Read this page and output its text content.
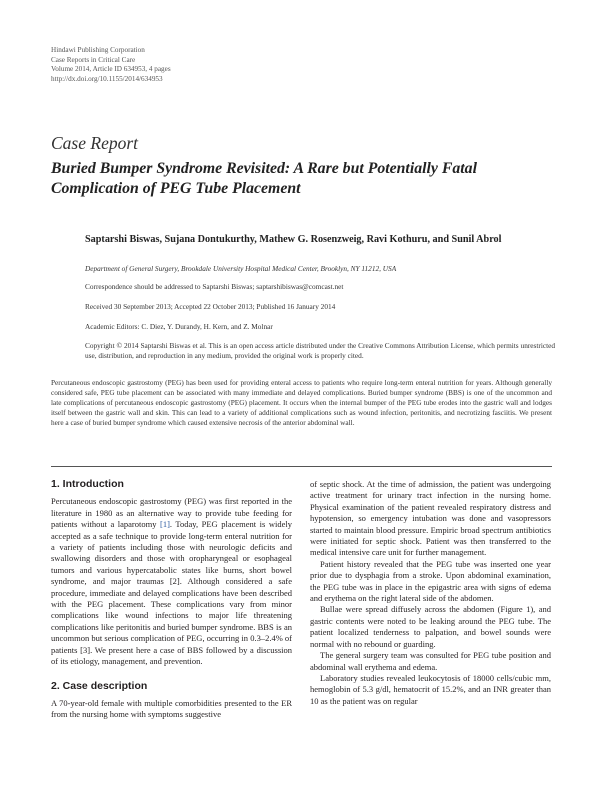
Hindawi Publishing Corporation
Case Reports in Critical Care
Volume 2014, Article ID 634953, 4 pages
http://dx.doi.org/10.1155/2014/634953
Case Report
Buried Bumper Syndrome Revisited: A Rare but Potentially Fatal Complication of PEG Tube Placement
Saptarshi Biswas, Sujana Dontukurthy, Mathew G. Rosenzweig, Ravi Kothuru, and Sunil Abrol
Department of General Surgery, Brookdale University Hospital Medical Center, Brooklyn, NY 11212, USA
Correspondence should be addressed to Saptarshi Biswas; saptarshibiswas@comcast.net
Received 30 September 2013; Accepted 22 October 2013; Published 16 January 2014
Academic Editors: C. Diez, Y. Durandy, H. Kern, and Z. Molnar
Copyright © 2014 Saptarshi Biswas et al. This is an open access article distributed under the Creative Commons Attribution License, which permits unrestricted use, distribution, and reproduction in any medium, provided the original work is properly cited.
Percutaneous endoscopic gastrostomy (PEG) has been used for providing enteral access to patients who require long-term enteral nutrition for years. Although generally considered safe, PEG tube placement can be associated with many immediate and delayed complications. Buried bumper syndrome (BBS) is one of the uncommon and late complications of percutaneous endoscopic gastrostomy (PEG) placement. It occurs when the internal bumper of the PEG tube erodes into the gastric wall and lodges itself between the gastric wall and skin. This can lead to a variety of additional complications such as wound infection, peritonitis, and necrotizing fasciitis. We present here a case of buried bumper syndrome which caused extensive necrosis of the anterior abdominal wall.
1. Introduction

Percutaneous endoscopic gastrostomy (PEG) was first reported in the literature in 1980 as an alternative way to provide tube feeding for patients without a laparotomy [1]. Today, PEG placement is widely accepted as a safe technique to provide long-term enteral nutrition for a variety of patients including those with neurologic deficits and swallowing disorders and those with oropharyngeal or esophageal tumors and various hypercatabolic states like burns, short bowel syndrome, and major traumas [2]. Although considered a safe procedure, immediate and delayed complications have been described with the PEG placement. These complications vary from minor complications like wound infections to major life threatening complications like peritonitis and buried bumper syndrome. BBS is an uncommon but serious complication of PEG, occurring in 0.3–2.4% of patients [3]. We present here a case of BBS followed by a discussion of its etiology, management, and prevention.

2. Case description

A 70-year-old female with multiple comorbidities presented to the ER from the nursing home with symptoms suggestive

of septic shock. At the time of admission, the patient was undergoing active treatment for urinary tract infection in the nursing home. Physical examination of the patient revealed respiratory distress and hypotension, so emergency intubation was done and vasopressors started to maintain blood pressure. Empiric broad spectrum antibiotics were initiated for septic shock. Patient was then transferred to the medical intensive care unit for further management.

Patient history revealed that the PEG tube was inserted one year prior due to dysphagia from a stroke. Upon abdominal examination, the PEG tube was in place in the epigastric area with signs of edema and erythema on the right lateral side of the abdomen.

Bullae were spread diffusely across the abdomen (Figure 1), and gastric contents were noted to be leaking around the PEG tube. The patient localized tenderness to palpation, and bowel sounds were normal with no rebound or guarding.

The general surgery team was consulted for PEG tube position and abdominal wall erythema and edema.

Laboratory studies revealed leukocytosis of 18000 cells/cubic mm, hemoglobin of 5.3 g/dl, hematocrit of 15.2%, and an INR greater than 10 as the patient was on regular
